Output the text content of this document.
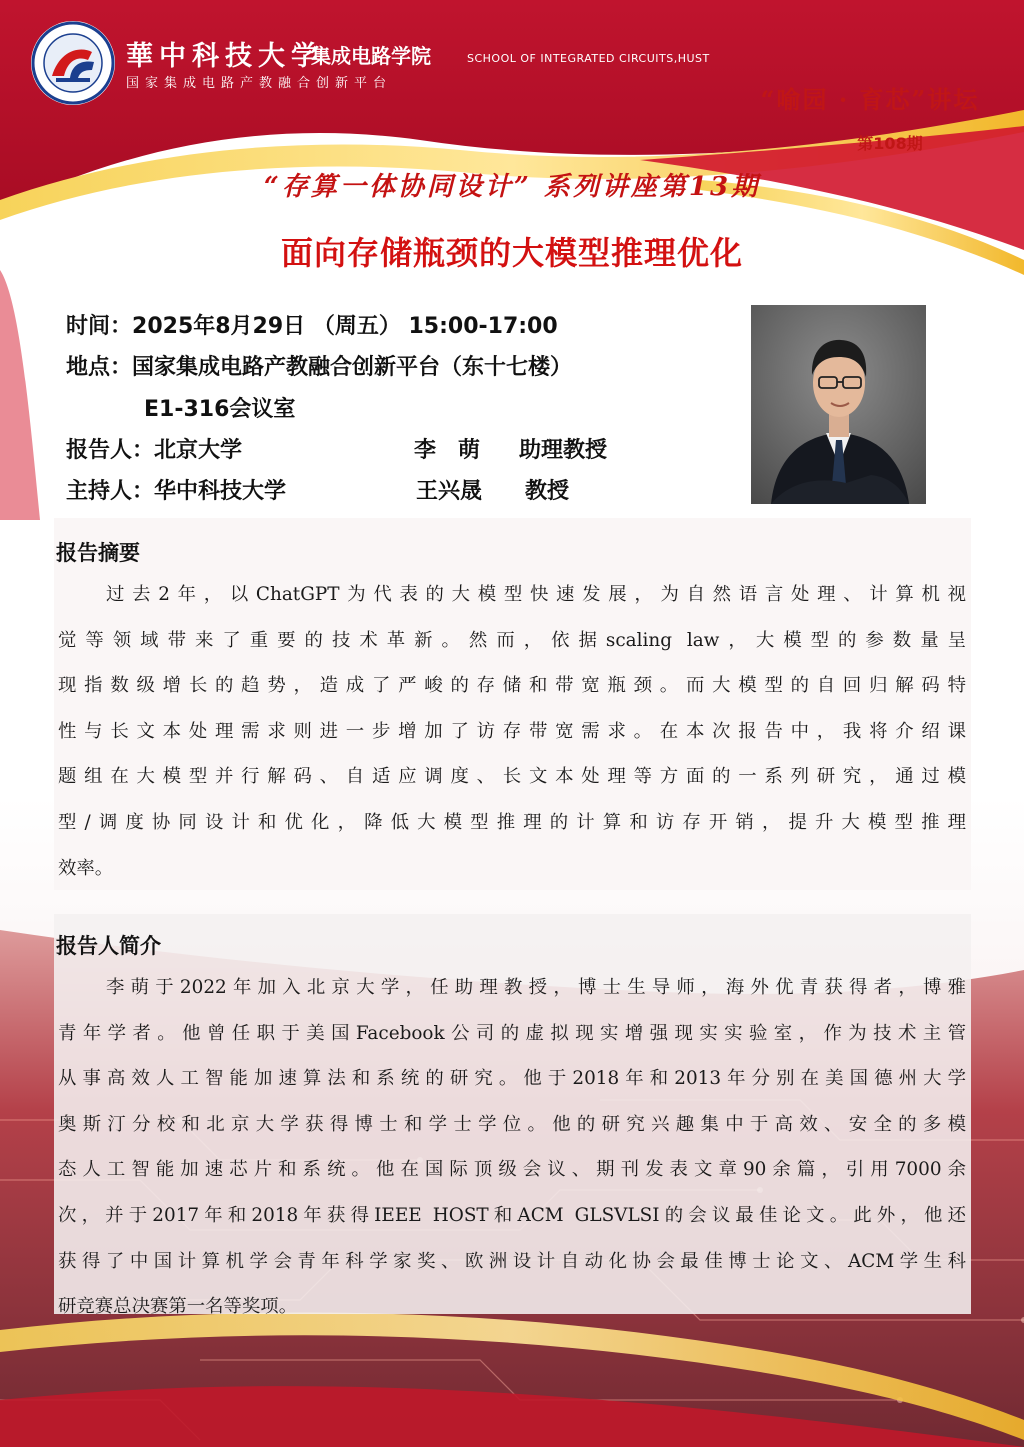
華中科技大学
集成电路学院	SCHOOL OF INTEGRATED CIRCUITS,HUST
国家集成电路产教融合创新平台
“喻园 · 育芯”讲坛
第108期
“存算一体协同设计” 系列讲座第13期
面向存储瓶颈的大模型推理优化
时间：2025年8月29日 （周五） 15:00-17:00
地点：国家集成电路产教融合创新平台（东十七楼）
E1-316会议室
报告人：北京大学	李　萌 助理教授
主持人：华中科技大学	王兴晟 教授
报告摘要
过去2年，以ChatGPT为代表的大模型快速发展，为自然语言处理、计算机视
觉等领域带来了重要的技术革新。然而，依据scaling law，大模型的参数量呈
现指数级增长的趋势，造成了严峻的存储和带宽瓶颈。而大模型的自回归解码特
性与长文本处理需求则进一步增加了访存带宽需求。在本次报告中，我将介绍课
题组在大模型并行解码、自适应调度、长文本处理等方面的一系列研究，通过模
型/调度协同设计和优化，降低大模型推理的计算和访存开销，提升大模型推理
效率。
报告人简介
李萌于2022年加入北京大学，任助理教授，博士生导师，海外优青获得者，博雅
青年学者。他曾任职于美国Facebook公司的虚拟现实增强现实实验室，作为技术主管
从事高效人工智能加速算法和系统的研究。他于2018年和2013年分别在美国德州大学
奥斯汀分校和北京大学获得博士和学士学位。他的研究兴趣集中于高效、安全的多模
态人工智能加速芯片和系统。他在国际顶级会议、期刊发表文章90余篇，引用7000余
次，并于2017年和2018年获得IEEE HOST和ACM GLSVLSI的会议最佳论文。此外，他还
获得了中国计算机学会青年科学家奖、欧洲设计自动化协会最佳博士论文、ACM学生科
研竞赛总决赛第一名等奖项。
